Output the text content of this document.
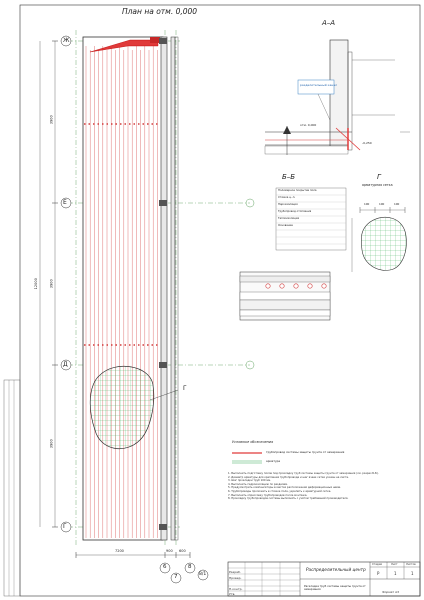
План на отм. 0,000
Ж
Е
Д
Г
6
7
8
8/1
3900
12000	3900
3900
7200	900 600
Г
А–А
разделительный канал
отм. 0,000
-0,250
Б–Б
Полимерное покрытие пола
Стяжка ц.-п.
Пароизоляция
Трубопровод отопления
Теплоизоляция
Основание
Г
арматурная сетка
100	100	100
Условные обозначения
трубопровод системы защиты грунта от замерзания
арматура
1. Выполнить подготовку полов под прокладку труб системы защиты грунта от замерзания (см. разрез Б-Б).
2. Диаметр арматуры для крепления трубопровода и шаг ячеек сетки указан на листе.
3. Шаг прокладки труб 100 мм.
4. Выполнить гидроизоляцию по разделам.
5. Предусмотреть компенсаторы в местах расположения деформационных швов.
6. Трубопроводы проложить в стяжке пола, укрепить к арматурной сетке.
7. Выполнить опрессовку трубопроводов после монтажа.
8. Прокладку трубопроводов системы выполнять с учётом требований производителя.
Разраб.
Провер.
Н.контр.
Утв.
Распределительный центр
Раскладка труб системы защиты грунта от замерзания
Стадия	Лист	Листов
Р	1	1
Формат А3
